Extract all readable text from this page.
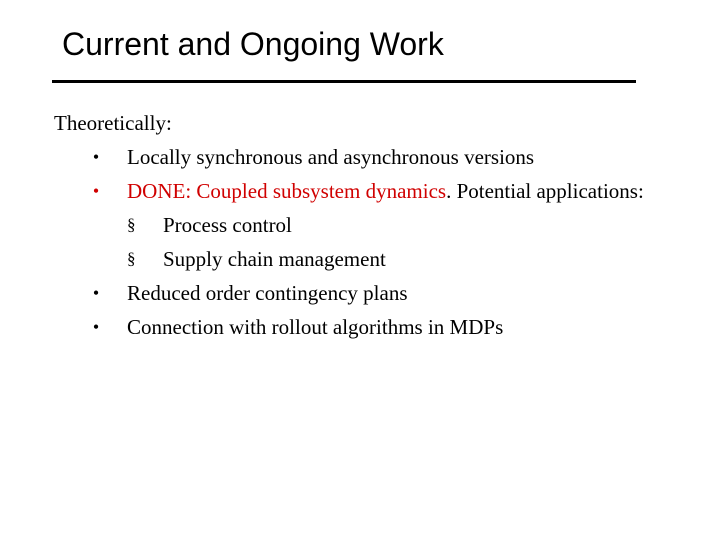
Current and Ongoing Work
Theoretically:
•	Locally synchronous and asynchronous versions
•	DONE: Coupled subsystem dynamics. Potential applications:
§ Process control
§ Supply chain management
•	Reduced order contingency plans
•	Connection with rollout algorithms in MDPs
